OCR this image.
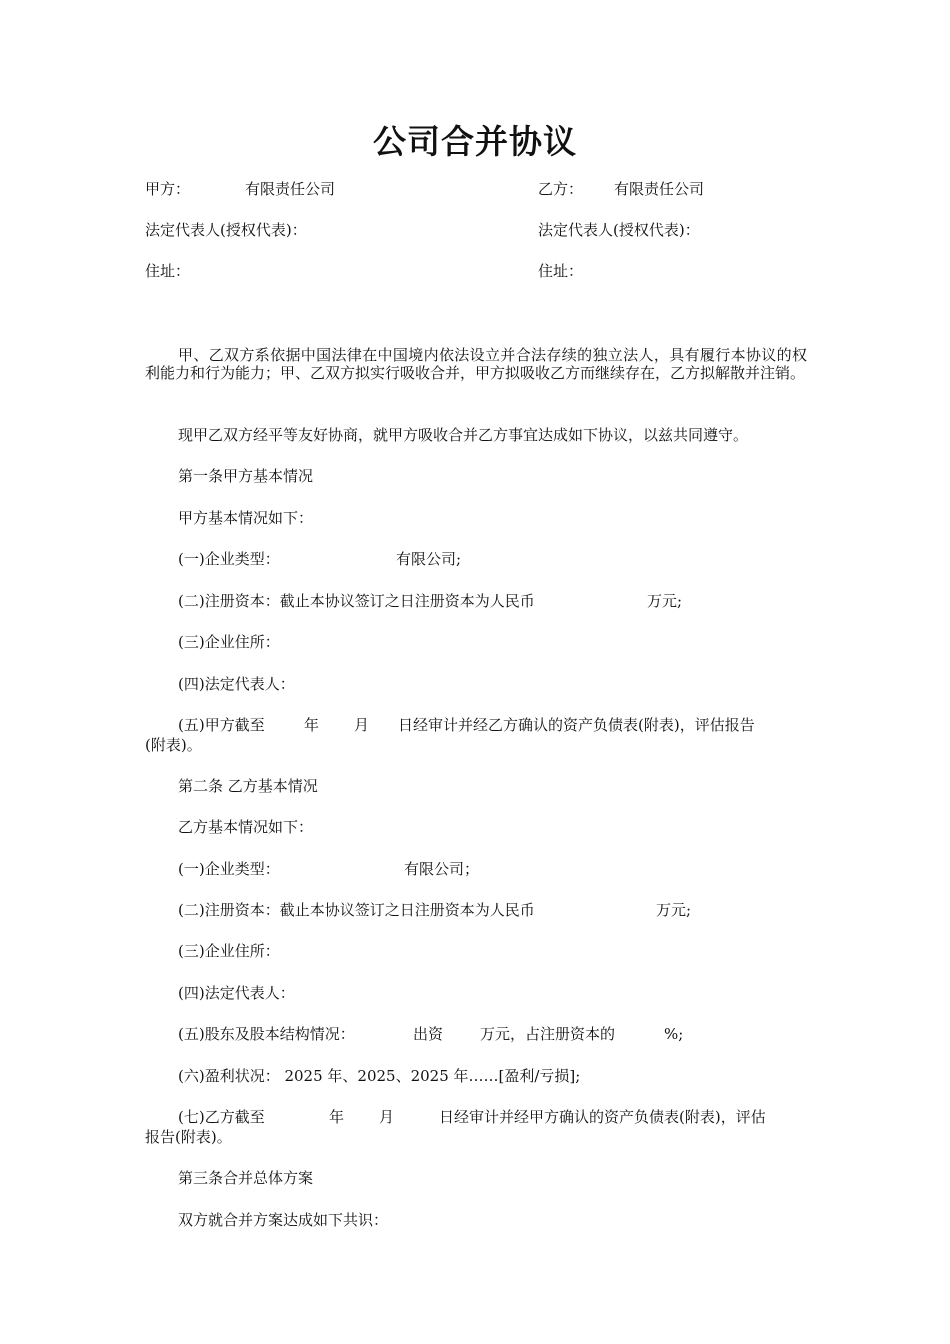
公司合并协议
甲方：	有限责任公司	乙方： 有限责任公司
法定代表人(授权代表)：	法定代表人(授权代表)：
住址：	住址：
甲、乙双方系依据中国法律在中国境内依法设立并合法存续的独立法人，具有履行本协议的权利能力和行为能力；甲、乙双方拟实行吸收合并，甲方拟吸收乙方而继续存在，乙方拟解散并注销。
现甲乙双方经平等友好协商，就甲方吸收合并乙方事宜达成如下协议，以兹共同遵守。
第一条甲方基本情况
甲方基本情况如下：
(一)企业类型：	有限公司;
(二)注册资本：截止本协议签订之日注册资本为人民币	万元;
(三)企业住所：
(四)法定代表人：
(五)甲方截至	年 月 日经审计并经乙方确认的资产负债表(附表)，评估报告
(附表)。
第二条 乙方基本情况
乙方基本情况如下：
(一)企业类型：	有限公司；
(二)注册资本：截止本协议签订之日注册资本为人民币	万元;
(三)企业住所：
(四)法定代表人：
(五)股东及股本结构情况：	出资 万元，占注册资本的	%;
(六)盈利状况： 2025 年、2025、2025 年……[盈利/亏损];
(七)乙方截至	年 月	日经审计并经甲方确认的资产负债表(附表)，评估
报告(附表)。
第三条合并总体方案
双方就合并方案达成如下共识：
